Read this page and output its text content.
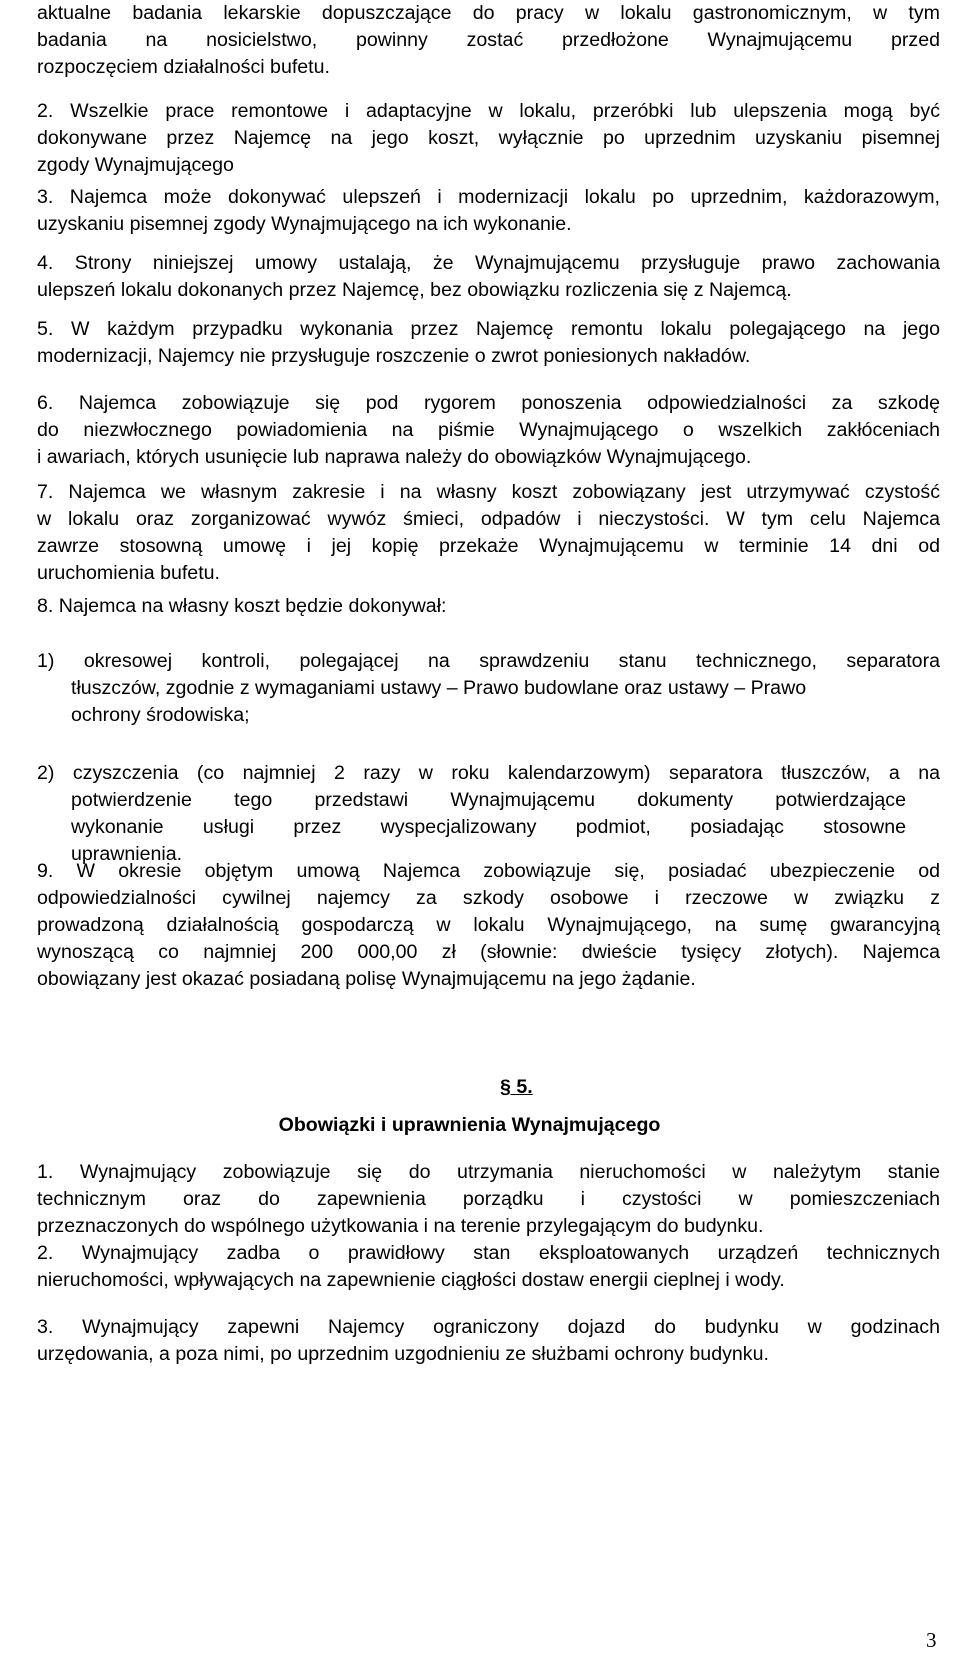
aktualne badania lekarskie dopuszczające do pracy w lokalu gastronomicznym, w tym
badania na nosicielstwo, powinny zostać przedłożone Wynajmującemu przed
rozpoczęciem działalności bufetu.
2. Wszelkie prace remontowe i adaptacyjne w lokalu, przeróbki lub ulepszenia mogą być
dokonywane przez Najemcę na jego koszt, wyłącznie po uprzednim uzyskaniu pisemnej
zgody Wynajmującego
3. Najemca może dokonywać ulepszeń i modernizacji lokalu po uprzednim, każdorazowym,
uzyskaniu pisemnej zgody Wynajmującego na ich wykonanie.
4. Strony niniejszej umowy ustalają, że Wynajmującemu przysługuje prawo zachowania
ulepszeń lokalu dokonanych przez Najemcę, bez obowiązku rozliczenia się z Najemcą.
5. W każdym przypadku wykonania przez Najemcę remontu lokalu polegającego na jego
modernizacji, Najemcy nie przysługuje roszczenie o zwrot poniesionych nakładów.
6. Najemca zobowiązuje się pod rygorem ponoszenia odpowiedzialności za szkodę
do niezwłocznego powiadomienia na piśmie Wynajmującego o wszelkich zakłóceniach
i awariach, których usunięcie lub naprawa należy do obowiązków Wynajmującego.
7. Najemca we własnym zakresie i na własny koszt zobowiązany jest utrzymywać czystość
w lokalu oraz zorganizować wywóz śmieci, odpadów i nieczystości. W tym celu Najemca
zawrze stosowną umowę i jej kopię przekaże Wynajmującemu w terminie 14 dni od
uruchomienia bufetu.
8. Najemca na własny koszt będzie dokonywał:
1) okresowej kontroli, polegającej na sprawdzeniu stanu technicznego, separatora
tłuszczów, zgodnie z wymaganiami ustawy – Prawo budowlane oraz ustawy – Prawo
ochrony środowiska;
2) czyszczenia (co najmniej 2 razy w roku kalendarzowym) separatora tłuszczów, a na
potwierdzenie tego przedstawi Wynajmującemu dokumenty potwierdzające
wykonanie usługi przez wyspecjalizowany podmiot, posiadając stosowne
uprawnienia.
9. W okresie objętym umową Najemca zobowiązuje się, posiadać ubezpieczenie od
odpowiedzialności cywilnej najemcy za szkody osobowe i rzeczowe w związku z
prowadzoną działalnością gospodarczą w lokalu Wynajmującego, na sumę gwarancyjną
wynoszącą co najmniej 200 000,00 zł (słownie: dwieście tysięcy złotych). Najemca
obowiązany jest okazać posiadaną polisę Wynajmującemu na jego żądanie.
§ 5.
Obowiązki i uprawnienia Wynajmującego
1. Wynajmujący zobowiązuje się do utrzymania nieruchomości w należytym stanie
technicznym oraz do zapewnienia porządku i czystości w pomieszczeniach
przeznaczonych do wspólnego użytkowania i na terenie przylegającym do budynku.
2. Wynajmujący zadba o prawidłowy stan eksploatowanych urządzeń technicznych
nieruchomości, wpływających na zapewnienie ciągłości dostaw energii cieplnej i wody.
3. Wynajmujący zapewni Najemcy ograniczony dojazd do budynku w godzinach
urzędowania, a poza nimi, po uprzednim uzgodnieniu ze służbami ochrony budynku.
3
